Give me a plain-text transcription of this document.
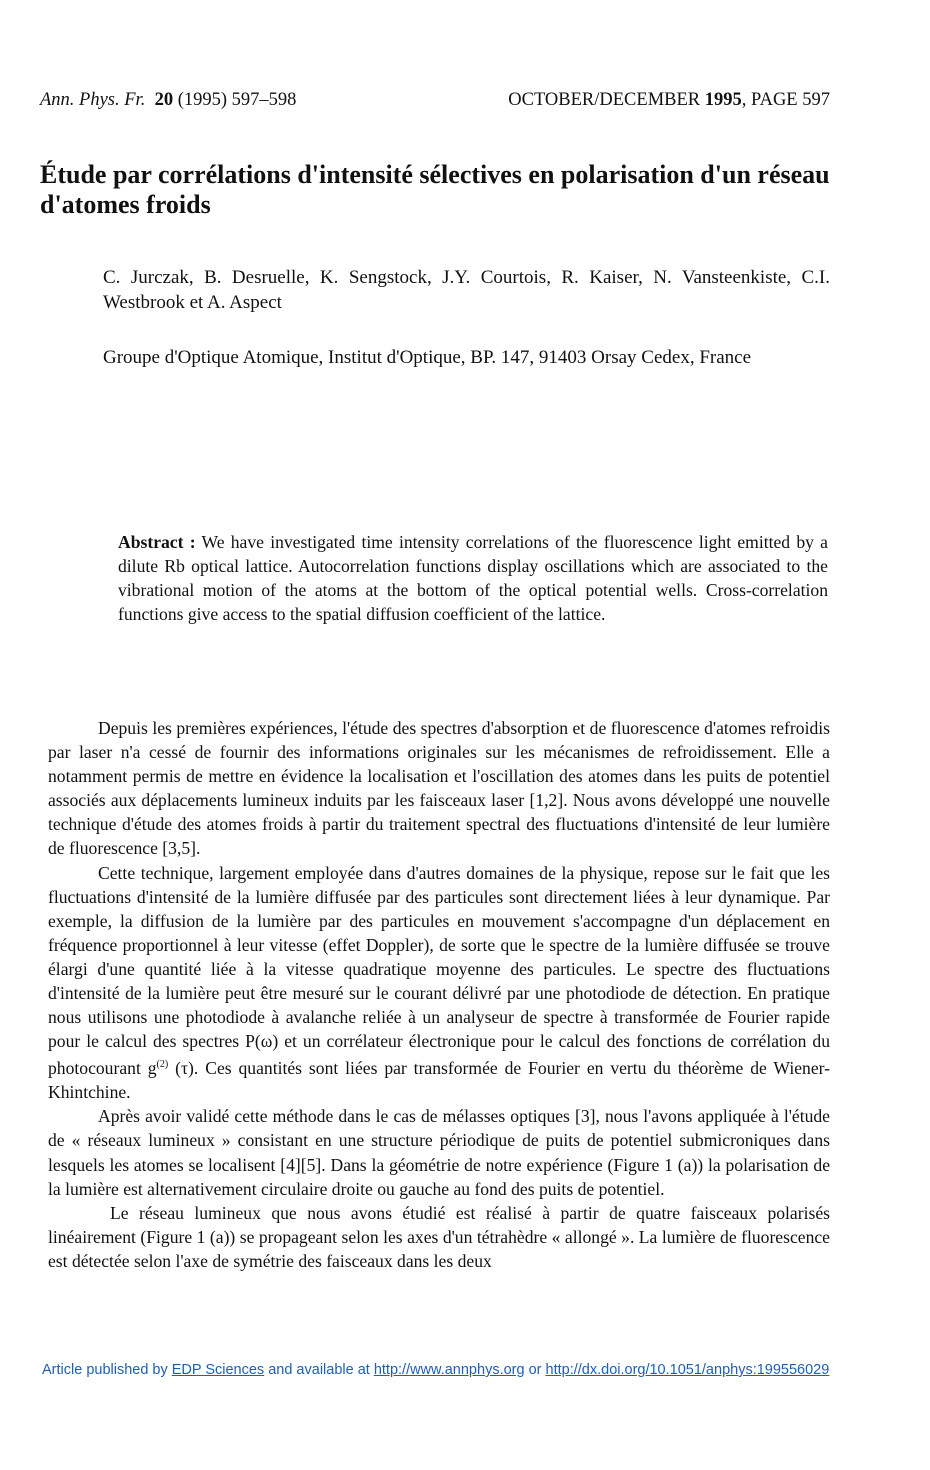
Ann. Phys. Fr. 20 (1995) 597–598	OCTOBER/DECEMBER 1995, PAGE 597
Étude par corrélations d'intensité sélectives en polarisation d'un réseau d'atomes froids
C. Jurczak, B. Desruelle, K. Sengstock, J.Y. Courtois, R. Kaiser, N. Vansteenkiste, C.I. Westbrook et A. Aspect
Groupe d'Optique Atomique, Institut d'Optique, BP. 147, 91403 Orsay Cedex, France
Abstract : We have investigated time intensity correlations of the fluorescence light emitted by a dilute Rb optical lattice. Autocorrelation functions display oscillations which are associated to the vibrational motion of the atoms at the bottom of the optical potential wells. Cross-correlation functions give access to the spatial diffusion coefficient of the lattice.

Depuis les premières expériences, l'étude des spectres d'absorption et de fluorescence d'atomes refroidis par laser n'a cessé de fournir des informations originales sur les mécanismes de refroidissement. Elle a notamment permis de mettre en évidence la localisation et l'oscillation des atomes dans les puits de potentiel associés aux déplacements lumineux induits par les faisceaux laser [1,2]. Nous avons développé une nouvelle technique d'étude des atomes froids à partir du traitement spectral des fluctuations d'intensité de leur lumière de fluorescence [3,5].

Cette technique, largement employée dans d'autres domaines de la physique, repose sur le fait que les fluctuations d'intensité de la lumière diffusée par des particules sont directement liées à leur dynamique. Par exemple, la diffusion de la lumière par des particules en mouvement s'accompagne d'un déplacement en fréquence proportionnel à leur vitesse (effet Doppler), de sorte que le spectre de la lumière diffusée se trouve élargi d'une quantité liée à la vitesse quadratique moyenne des particules. Le spectre des fluctuations d'intensité de la lumière peut être mesuré sur le courant délivré par une photodiode de détection. En pratique nous utilisons une photodiode à avalanche reliée à un analyseur de spectre à transformée de Fourier rapide pour le calcul des spectres P(ω) et un corrélateur électronique pour le calcul des fonctions de corrélation du photocourant $g^{(2)}$ (τ). Ces quantités sont liées par transformée de Fourier en vertu du théorème de Wiener-Khintchine.

Après avoir validé cette méthode dans le cas de mélasses optiques [3], nous l'avons appliquée à l'étude de « réseaux lumineux » consistant en une structure périodique de puits de potentiel submicroniques dans lesquels les atomes se localisent [4][5]. Dans la géométrie de notre expérience (Figure 1 (a)) la polarisation de la lumière est alternativement circulaire droite ou gauche au fond des puits de potentiel.

Le réseau lumineux que nous avons étudié est réalisé à partir de quatre faisceaux polarisés linéairement (Figure 1 (a)) se propageant selon les axes d'un tétrahèdre « allongé ». La lumière de fluorescence est détectée selon l'axe de symétrie des faisceaux dans les deux

Article published by EDP Sciences and available at http://www.annphys.org or http://dx.doi.org/10.1051/anphys:199556029
